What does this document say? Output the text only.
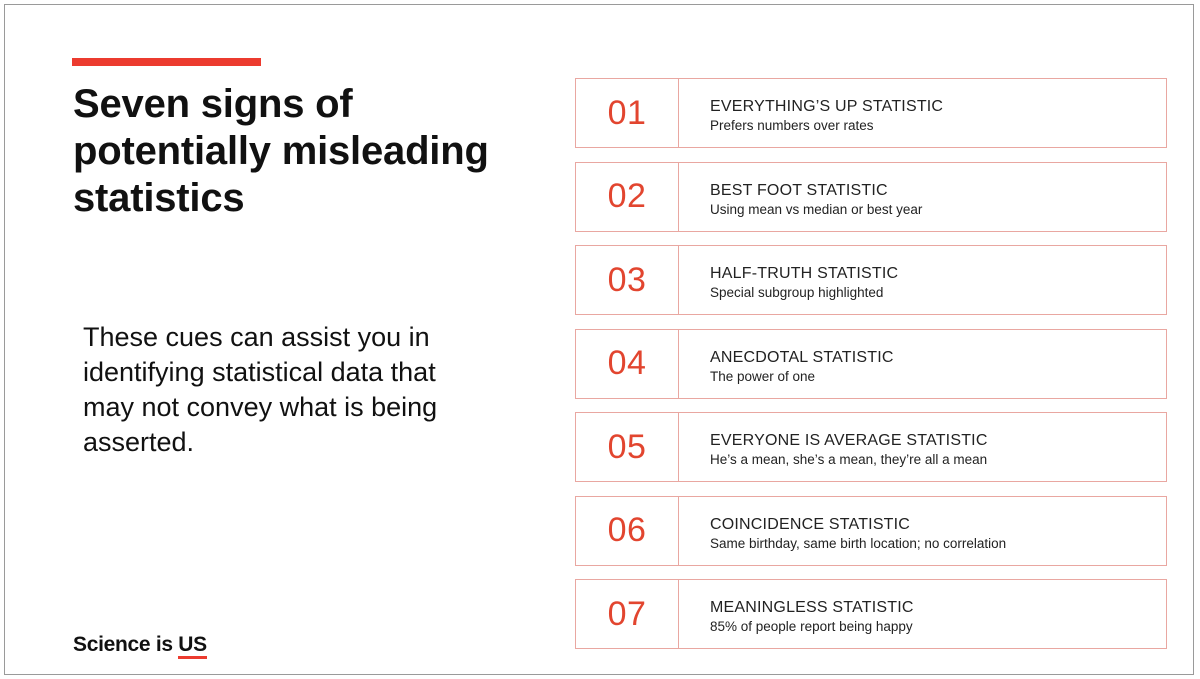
Seven signs of potentially misleading statistics

These cues can assist you in identifying statistical data that may not convey what is being asserted.

Science is US
01	EVERYTHING’S UP STATISTIC
Prefers numbers over rates
02	BEST FOOT STATISTIC
Using mean vs median or best year
03	HALF-TRUTH STATISTIC
Special subgroup highlighted
04	ANECDOTAL STATISTIC
The power of one
05	EVERYONE IS AVERAGE STATISTIC
He’s a mean, she’s a mean, they’re all a mean
06	COINCIDENCE STATISTIC
Same birthday, same birth location; no correlation
07	MEANINGLESS STATISTIC
85% of people report being happy
